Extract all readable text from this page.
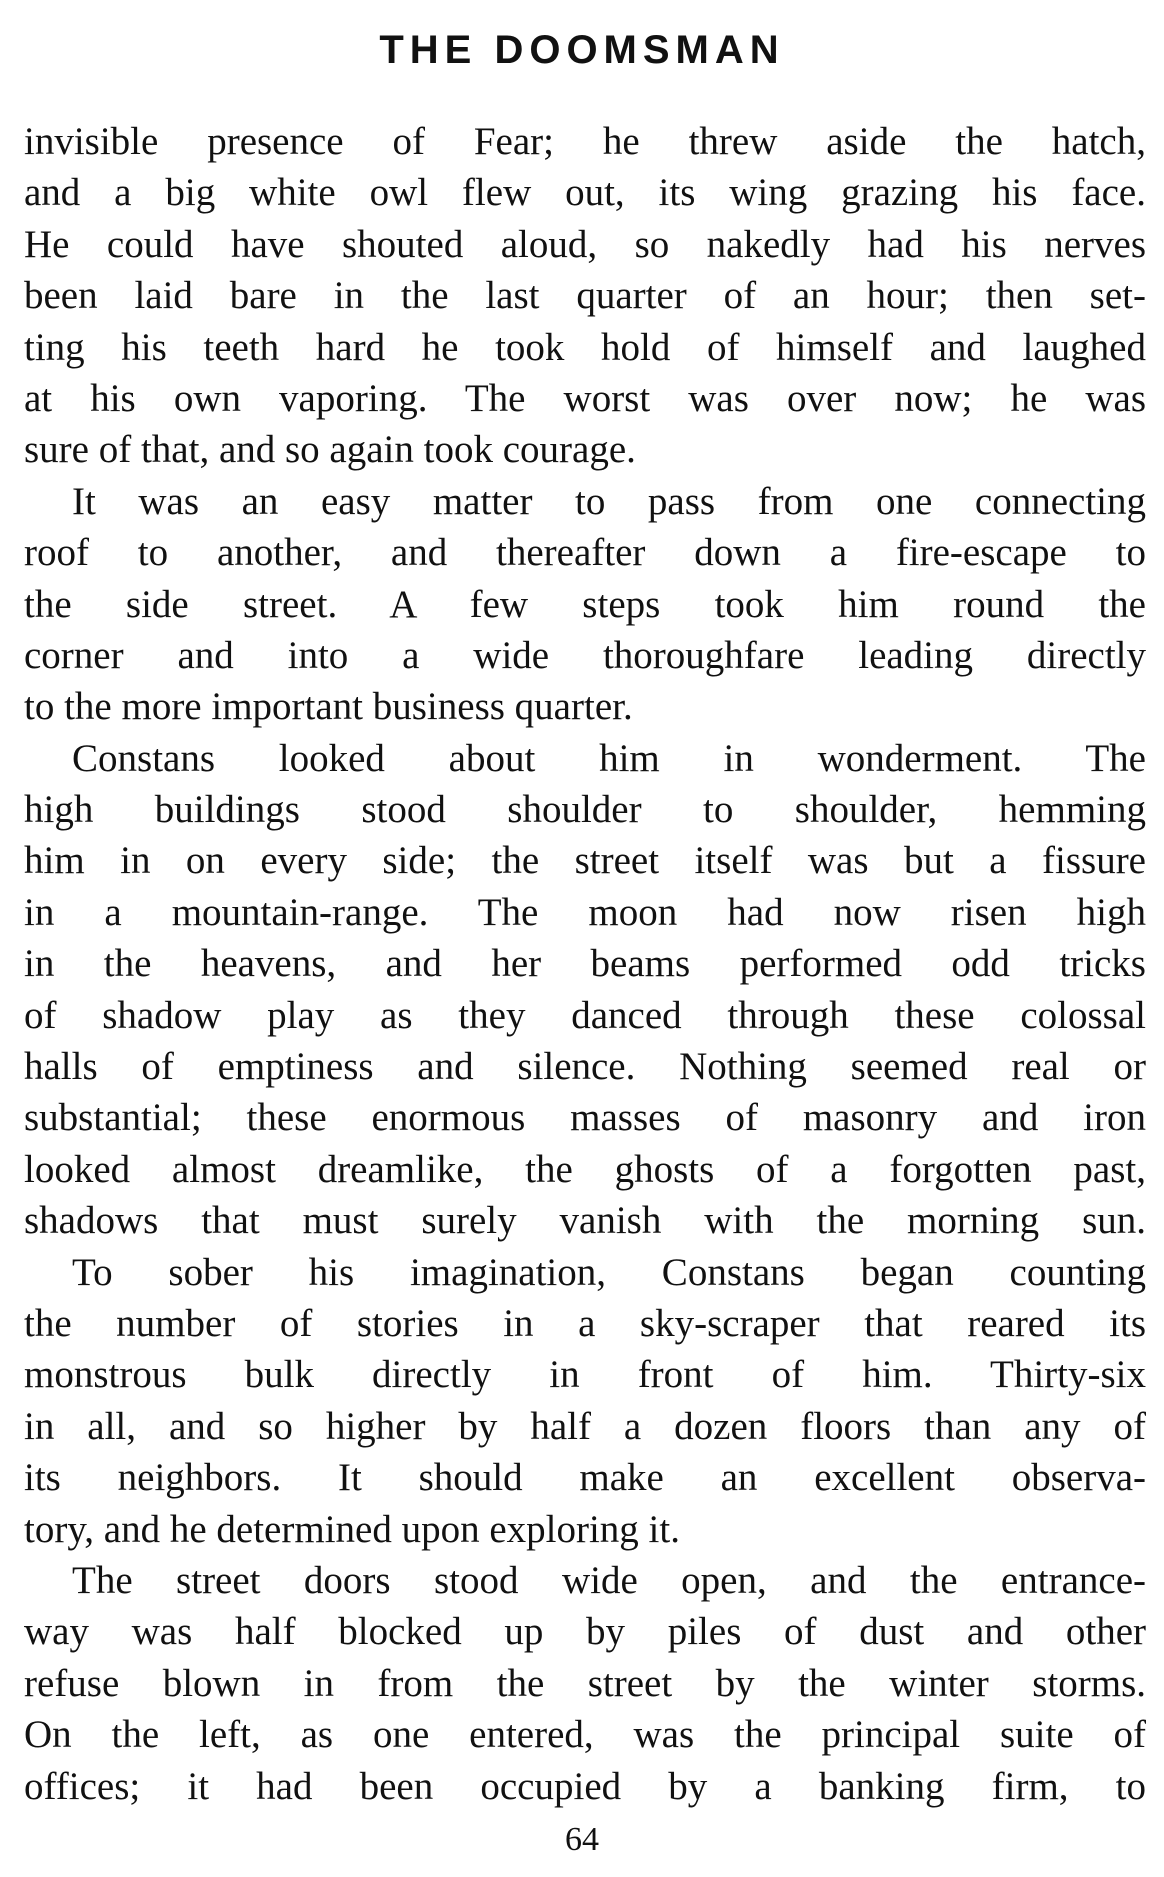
THE DOOMSMAN
invisible presence of Fear; he threw aside the hatch,
and a big white owl flew out, its wing grazing his face.
He could have shouted aloud, so nakedly had his nerves
been laid bare in the last quarter of an hour; then set-
ting his teeth hard he took hold of himself and laughed
at his own vaporing. The worst was over now; he was
sure of that, and so again took courage.
It was an easy matter to pass from one connecting
roof to another, and thereafter down a fire-escape to
the side street. A few steps took him round the
corner and into a wide thoroughfare leading directly
to the more important business quarter.
Constans looked about him in wonderment. The
high buildings stood shoulder to shoulder, hemming
him in on every side; the street itself was but a fissure
in a mountain-range. The moon had now risen high
in the heavens, and her beams performed odd tricks
of shadow play as they danced through these colossal
halls of emptiness and silence. Nothing seemed real or
substantial; these enormous masses of masonry and iron
looked almost dreamlike, the ghosts of a forgotten past,
shadows that must surely vanish with the morning sun.
To sober his imagination, Constans began counting
the number of stories in a sky-scraper that reared its
monstrous bulk directly in front of him. Thirty-six
in all, and so higher by half a dozen floors than any of
its neighbors. It should make an excellent observa-
tory, and he determined upon exploring it.
The street doors stood wide open, and the entrance-
way was half blocked up by piles of dust and other
refuse blown in from the street by the winter storms.
On the left, as one entered, was the principal suite of
offices; it had been occupied by a banking firm, to
64
